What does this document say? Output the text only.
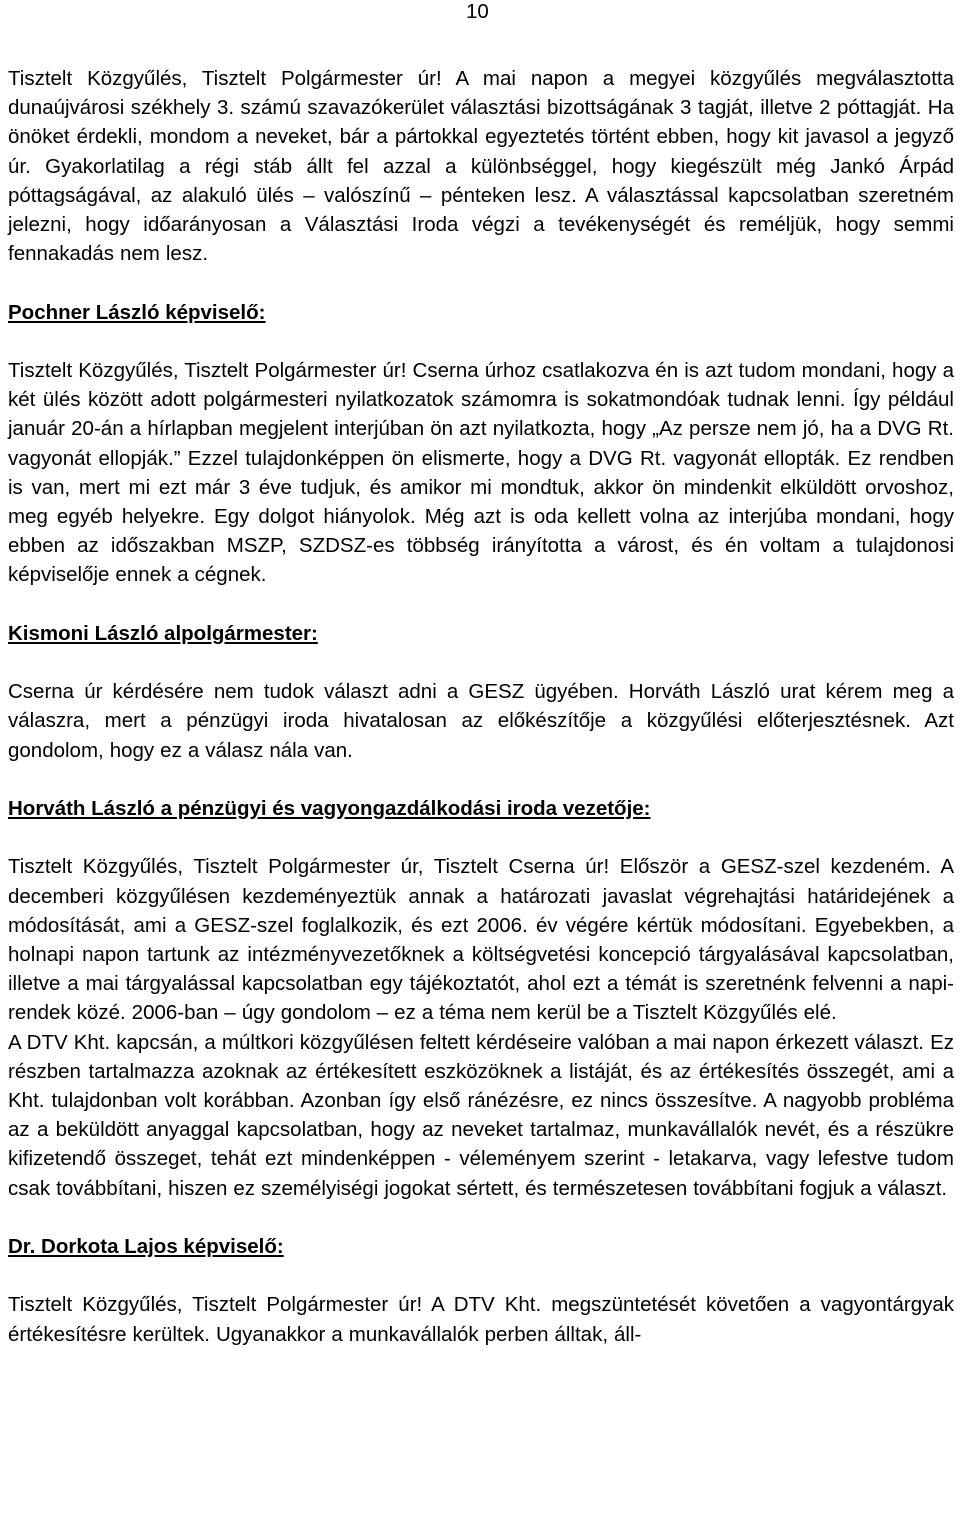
10

Tisztelt Közgyűlés, Tisztelt Polgármester úr! A mai napon a megyei közgyűlés megválasztotta dunaújvárosi székhely 3. számú szavazókerület választási bizottságának 3 tagját, illetve 2 póttagját. Ha önöket érdekli, mondom a neveket, bár a pártokkal egyeztetés történt ebben, hogy kit javasol a jegyző úr. Gyakorlatilag a régi stáb állt fel azzal a különbséggel, hogy kiegészült még Jankó Árpád póttagságával, az alakuló ülés – valószínű – pénteken lesz. A választással kapcsolatban szeretném jelezni, hogy időarányosan a Választási Iroda végzi a tevékenységét és reméljük, hogy semmi fennakadás nem lesz.

Pochner László képviselő:

Tisztelt Közgyűlés, Tisztelt Polgármester úr! Cserna úrhoz csatlakozva én is azt tudom mondani, hogy a két ülés között adott polgármesteri nyilatkozatok számomra is sokatmondóak tudnak lenni. Így például január 20-án a hírlapban megjelent interjúban ön azt nyilatkozta, hogy „Az persze nem jó, ha a DVG Rt. vagyonát ellopják.” Ezzel tulajdonképpen ön elismerte, hogy a DVG Rt. vagyonát ellopták. Ez rendben is van, mert mi ezt már 3 éve tudjuk, és amikor mi mondtuk, akkor ön mindenkit elküldött orvoshoz, meg egyéb helyekre. Egy dolgot hiányolok. Még azt is oda kellett volna az interjúba mondani, hogy ebben az időszakban MSZP, SZDSZ-es többség irányította a várost, és én voltam a tulajdonosi képviselője ennek a cégnek.

Kismoni László alpolgármester:

Cserna úr kérdésére nem tudok választ adni a GESZ ügyében. Horváth László urat kérem meg a válaszra, mert a pénzügyi iroda hivatalosan az előkészítője a közgyűlési előterjesztésnek. Azt gondolom, hogy ez a válasz nála van.

Horváth László a pénzügyi és vagyongazdálkodási iroda vezetője:

Tisztelt Közgyűlés, Tisztelt Polgármester úr, Tisztelt Cserna úr! Először a GESZ-szel kezdeném. A decemberi közgyűlésen kezdeményeztük annak a határozati javaslat végrehajtási határidejének a módosítását, ami a GESZ-szel foglalkozik, és ezt 2006. év végére kértük módosítani. Egyebekben, a holnapi napon tartunk az intézményvezetőknek a költségvetési koncepció tárgyalásával kapcsolatban, illetve a mai tárgyalással kapcsolatban egy tájékoztatót, ahol ezt a témát is szeretnénk felvenni a napirendek közé. 2006-ban – úgy gondolom – ez a téma nem kerül be a Tisztelt Közgyűlés elé.

A DTV Kht. kapcsán, a múltkori közgyűlésen feltett kérdéseire valóban a mai napon érkezett választ. Ez részben tartalmazza azoknak az értékesített eszközöknek a listáját, és az értékesítés összegét, ami a Kht. tulajdonban volt korábban. Azonban így első ránézésre, ez nincs összesítve. A nagyobb probléma az a beküldött anyaggal kapcsolatban, hogy az neveket tartalmaz, munkavállalók nevét, és a részükre kifizetendő összeget, tehát ezt mindenképpen - véleményem szerint - letakarva, vagy lefestve tudom csak továbbítani, hiszen ez személyiségi jogokat sértett, és természetesen továbbítani fogjuk a választ.

Dr. Dorkota Lajos képviselő:

Tisztelt Közgyűlés, Tisztelt Polgármester úr! A DTV Kht. megszüntetését követően a vagyontárgyak értékesítésre kerültek. Ugyanakkor a munkavállalók perben álltak, áll-
